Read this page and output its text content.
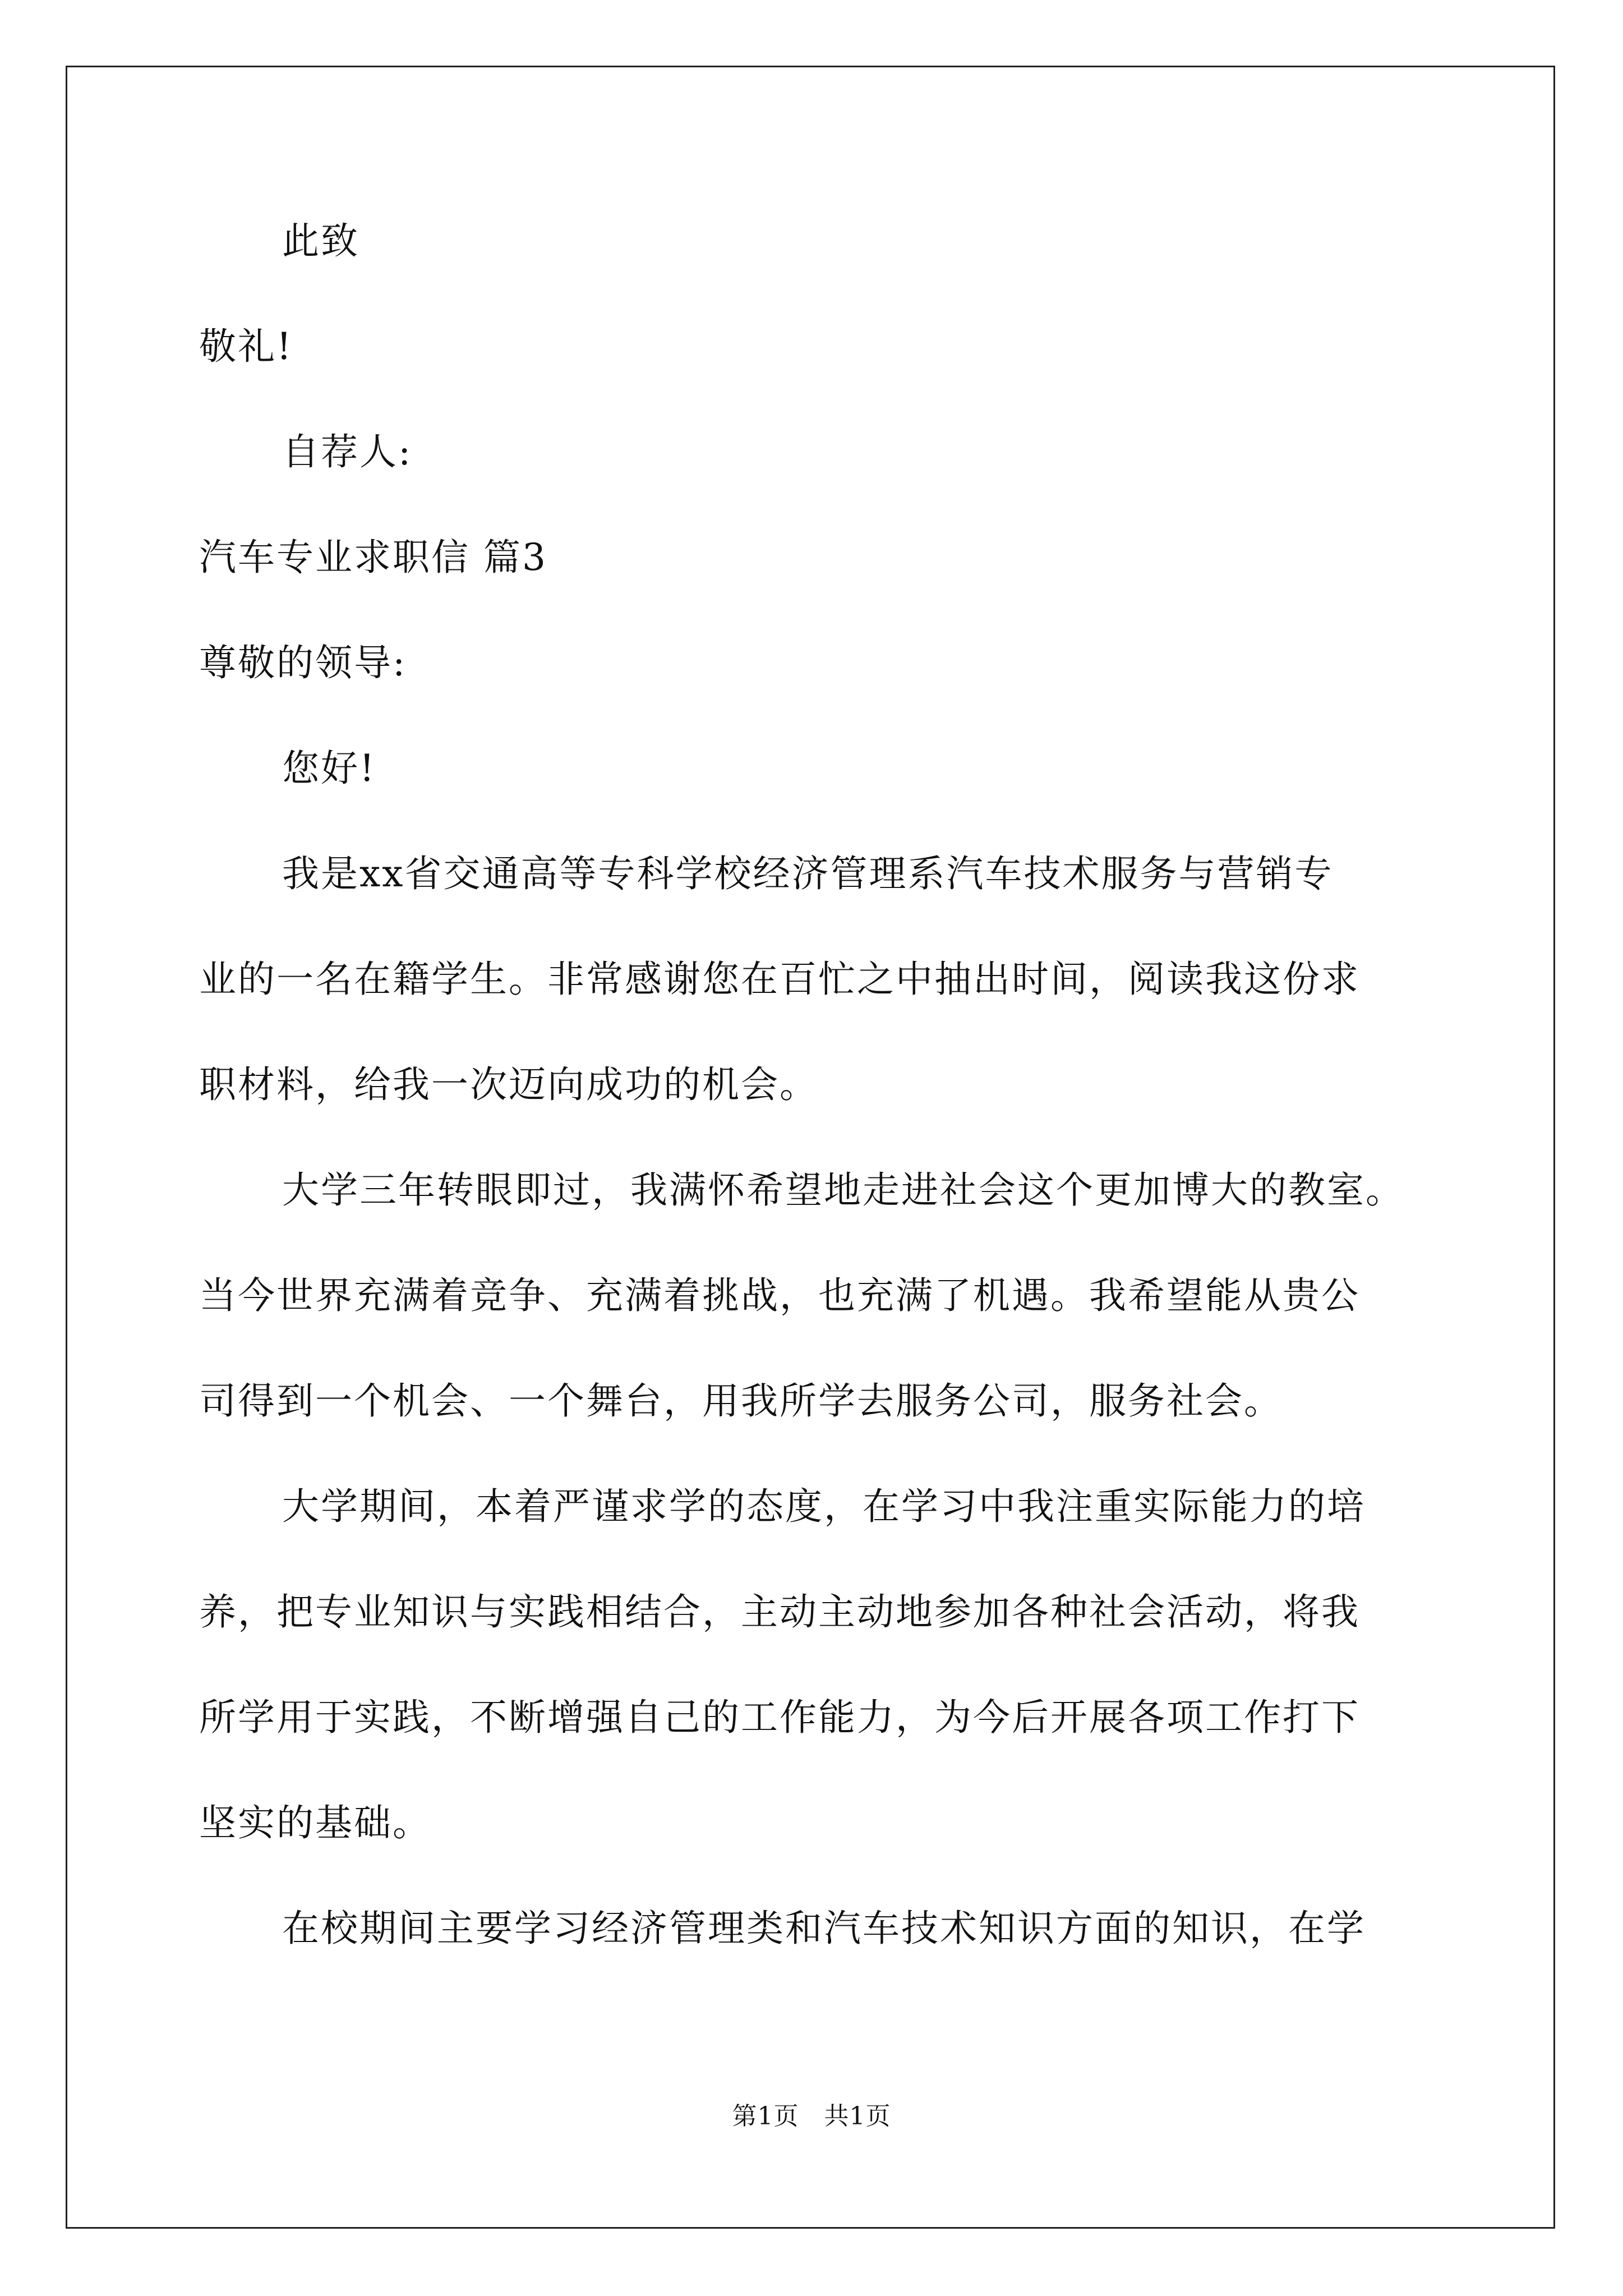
此致
敬礼!
自荐人:
汽车专业求职信 篇3
尊敬的领导:
您好!
我是xx省交通高等专科学校经济管理系汽车技术服务与营销专
业的一名在籍学生。非常感谢您在百忙之中抽出时间，阅读我这份求
职材料，给我一次迈向成功的机会。
大学三年转眼即过，我满怀希望地走进社会这个更加博大的教室。
当今世界充满着竞争、充满着挑战，也充满了机遇。我希望能从贵公
司得到一个机会、一个舞台，用我所学去服务公司，服务社会。
大学期间，本着严谨求学的态度，在学习中我注重实际能力的培
养，把专业知识与实践相结合，主动主动地参加各种社会活动，将我
所学用于实践，不断增强自己的工作能力，为今后开展各项工作打下
坚实的基础。
在校期间主要学习经济管理类和汽车技术知识方面的知识，在学
第1页　共1页
